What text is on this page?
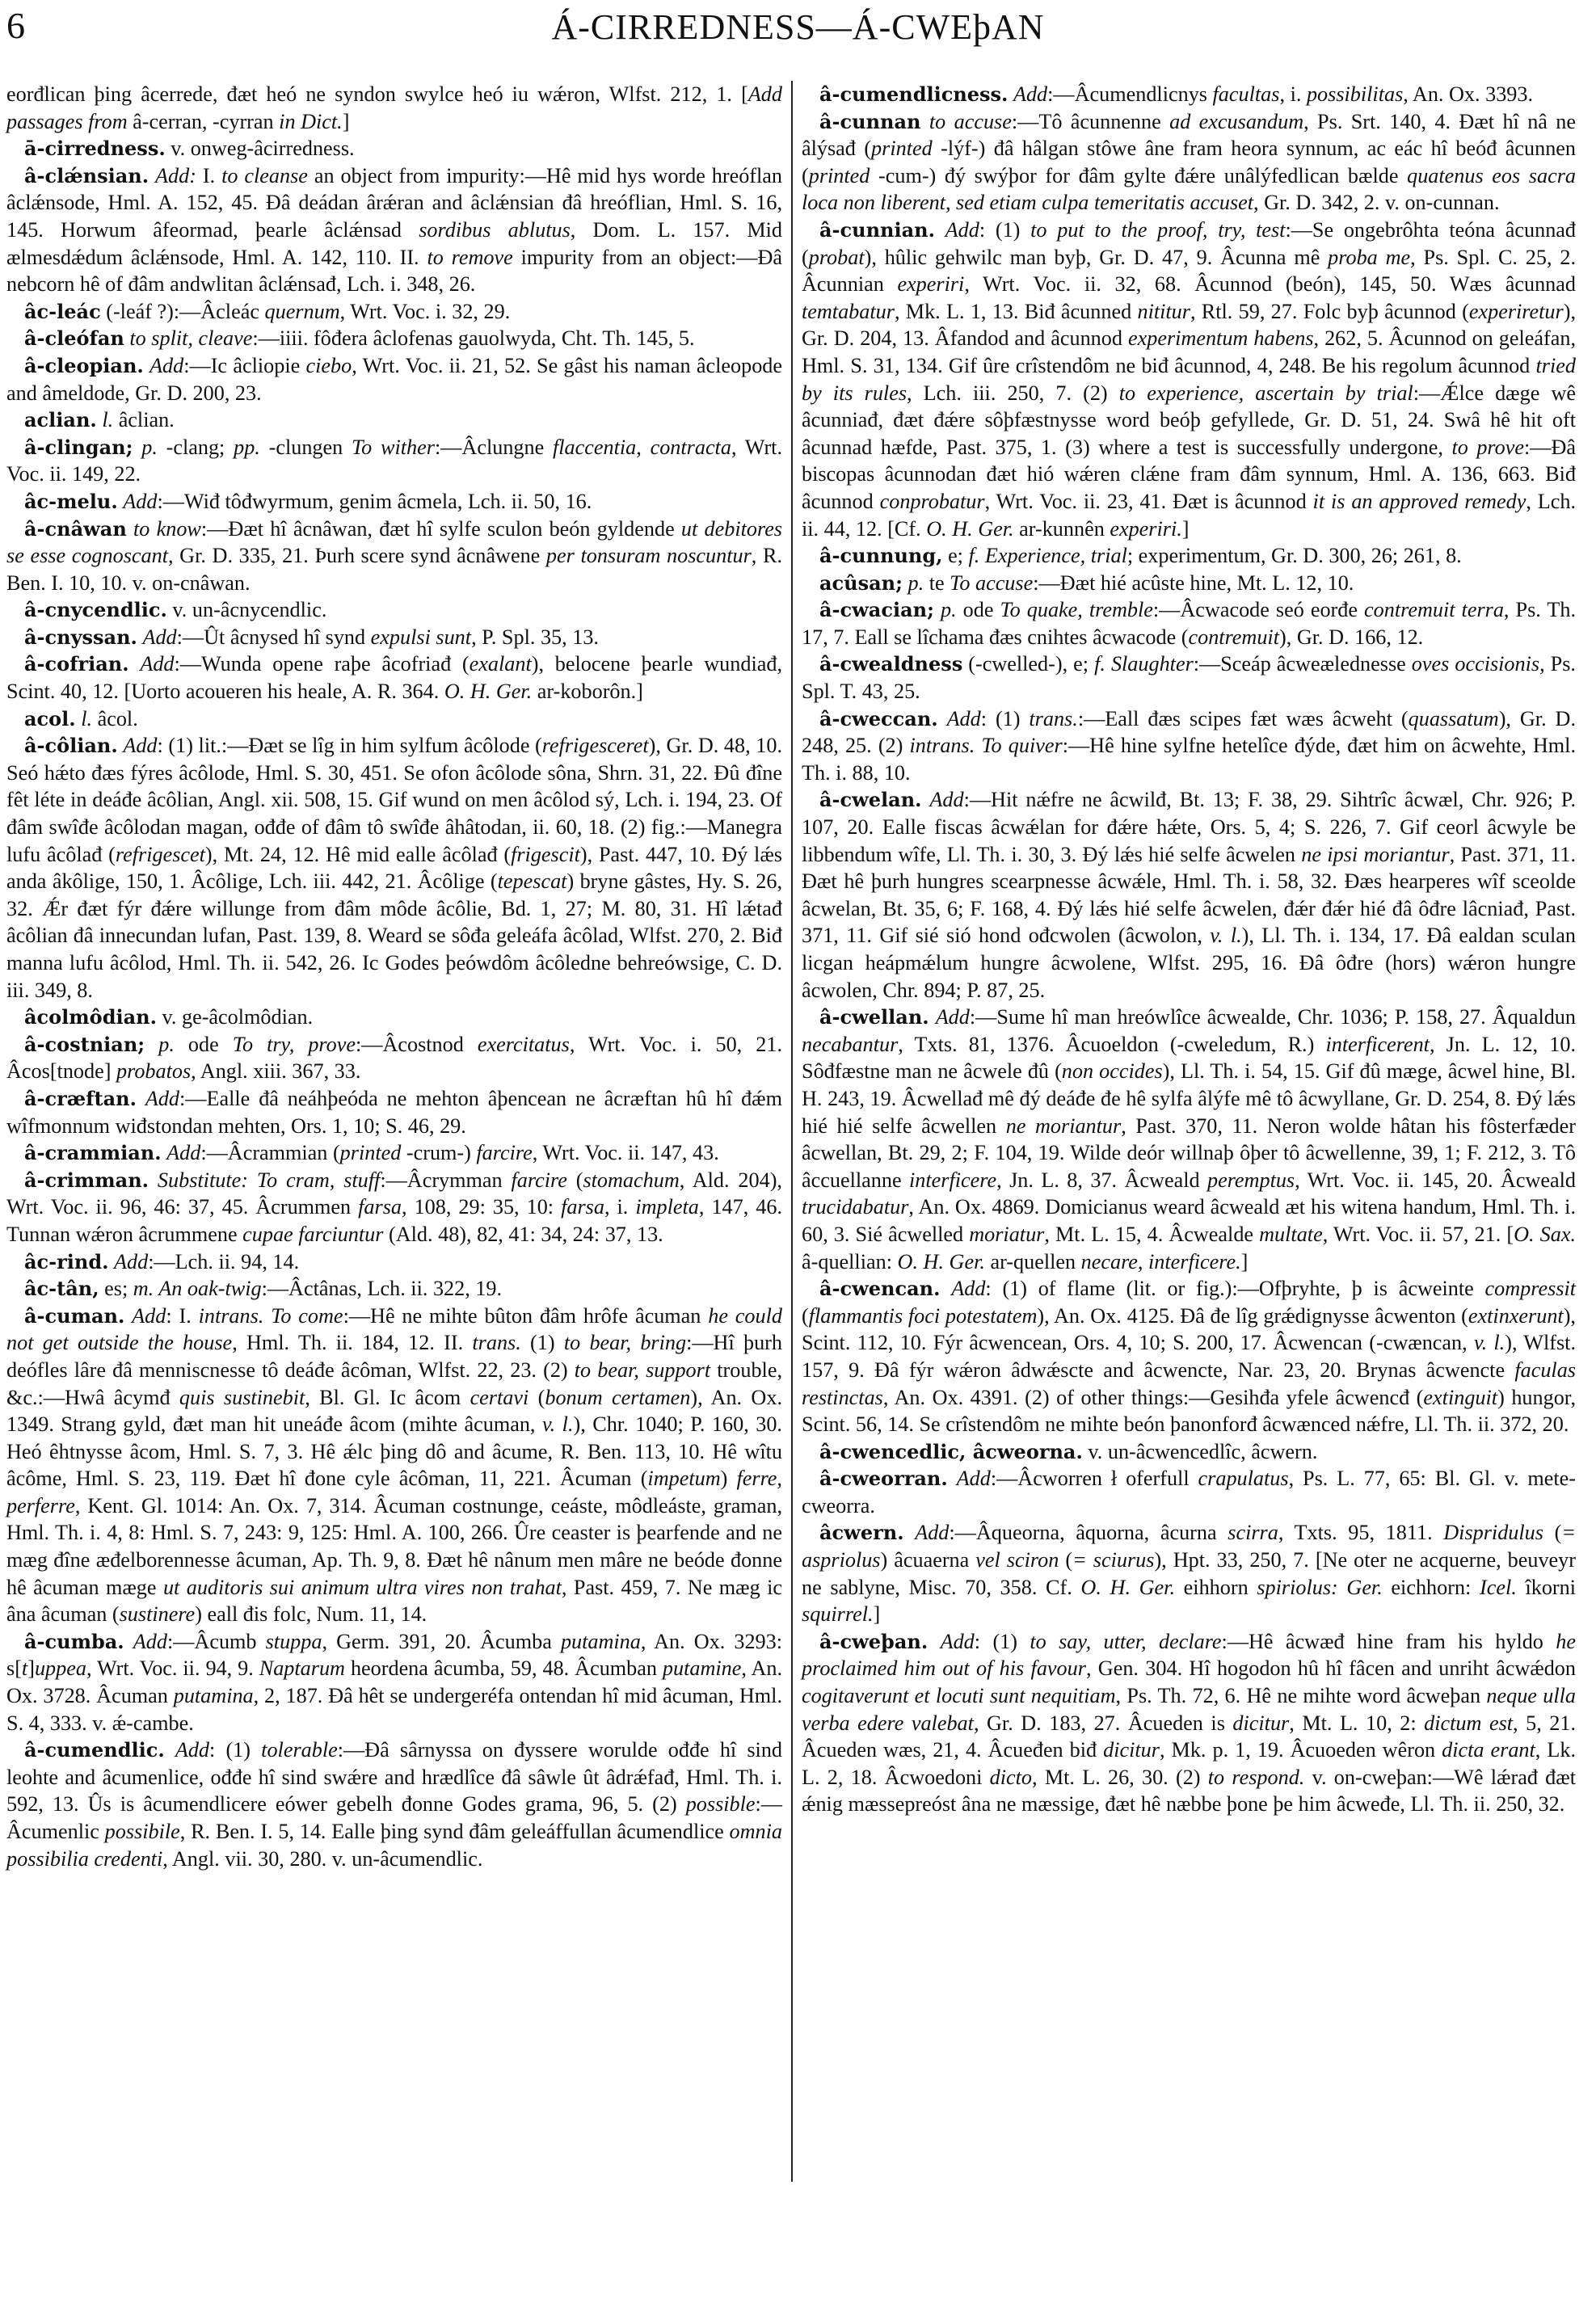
6	Á-CIRREDNESS—Á-CWEþAN

eorđlican þing âcerrede, đæt heó ne syndon swylce heó iu wǽron, Wlfst. 212, 1. [Add passages from â-cerran, -cyrran in Dict.]

ā-cirredness. v. onweg-âcirredness.

â-clǽnsian. Add: I. to cleanse an object from impurity:—Hê mid hys worde hreóflan âclǽnsode, Hml. A. 152, 45. Đâ deádan ârǽran and âclǽnsian đâ hreóflian, Hml. S. 16, 145. Horwum âfeormad, þearle âclǽnsad sordibus ablutus, Dom. L. 157. Mid ælmesdǽdum âclǽnsode, Hml. A. 142, 110. II. to remove impurity from an object:—Đâ nebcorn hê of đâm andwlitan âclǽnsađ, Lch. i. 348, 26.

âc-leác (-leáf ?):—Âcleác quernum, Wrt. Voc. i. 32, 29.

â-cleófan to split, cleave:—iiii. fôđera âclofenas gauolwyda, Cht. Th. 145, 5.

â-cleopian. Add:—Ic âcliopie ciebo, Wrt. Voc. ii. 21, 52. Se gâst his naman âcleopode and âmeldode, Gr. D. 200, 23.

aclian. l. âclian.

â-clingan; p. -clang; pp. -clungen To wither:—Âclungne flaccentia, contracta, Wrt. Voc. ii. 149, 22.

âc-melu. Add:—Wiđ tôđwyrmum, genim âcmela, Lch. ii. 50, 16.

â-cnâwan to know:—Đæt hî âcnâwan, đæt hî sylfe sculon beón gyldende ut debitores se esse cognoscant, Gr. D. 335, 21. Þurh scere synd âcnâwene per tonsuram noscuntur, R. Ben. I. 10, 10. v. on-cnâwan.

â-cnycendlic. v. un-âcnycendlic.

â-cnyssan. Add:—Ût âcnysed hî synd expulsi sunt, P. Spl. 35, 13.

â-cofrian. Add:—Wunda opene raþe âcofriađ (exalant), belocene þearle wundiađ, Scint. 40, 12. [Uorto acoueren his heale, A. R. 364. O. H. Ger. ar-koborôn.]

acol. l. âcol.

â-côlian. Add: (1) lit.:—Đæt se lîg in him sylfum âcôlode (refrigesceret), Gr. D. 48, 10. Seó hǽto đæs fýres âcôlode, Hml. S. 30, 451. Se ofon âcôlode sôna, Shrn. 31, 22. Đû đîne fêt léte in deáđe âcôlian, Angl. xii. 508, 15. Gif wund on men âcôlod sý, Lch. i. 194, 23. Of đâm swîđe âcôlodan magan, ođđe of đâm tô swîđe âhâtodan, ii. 60, 18. (2) fig.:—Manegra lufu âcôlađ (refrigescet), Mt. 24, 12. Hê mid ealle âcôlađ (frigescit), Past. 447, 10. Đý lǽs anda âkôlige, 150, 1. Âcôlige, Lch. iii. 442, 21. Âcôlige (tepescat) bryne gâstes, Hy. S. 26, 32. Ǽr đæt fýr đǽre willunge from đâm môde âcôlie, Bd. 1, 27; M. 80, 31. Hî lǽtađ âcôlian đâ innecundan lufan, Past. 139, 8. Weard se sôđa geleáfa âcôlad, Wlfst. 270, 2. Biđ manna lufu âcôlod, Hml. Th. ii. 542, 26. Ic Godes þeówdôm âcôledne behreówsige, C. D. iii. 349, 8.

âcolmôdian. v. ge-âcolmôdian.

â-costnian; p. ode To try, prove:—Âcostnod exercitatus, Wrt. Voc. i. 50, 21. Âcos[tnode] probatos, Angl. xiii. 367, 33.

â-cræftan. Add:—Ealle đâ neáhþeóda ne mehton âþencean ne âcræftan hû hî đǽm wîfmonnum wiđstondan mehten, Ors. 1, 10; S. 46, 29.

â-crammian. Add:—Âcrammian (printed -crum-) farcire, Wrt. Voc. ii. 147, 43.

â-crimman. Substitute: To cram, stuff:—Âcrymman farcire (stomachum, Ald. 204), Wrt. Voc. ii. 96, 46: 37, 45. Âcrummen farsa, 108, 29: 35, 10: farsa, i. impleta, 147, 46. Tunnan wǽron âcrummene cupae farciuntur (Ald. 48), 82, 41: 34, 24: 37, 13.

âc-rind. Add:—Lch. ii. 94, 14.

âc-tân, es; m. An oak-twig:—Âctânas, Lch. ii. 322, 19.

â-cuman. Add: I. intrans. To come:—Hê ne mihte bûton đâm hrôfe âcuman he could not get outside the house, Hml. Th. ii. 184, 12. II. trans. (1) to bear, bring:—Hî þurh deófles lâre đâ menniscnesse tô deáđe âcôman, Wlfst. 22, 23. (2) to bear, support trouble, &c.:—Hwâ âcymđ quis sustinebit, Bl. Gl. Ic âcom certavi (bonum certamen), An. Ox. 1349. Strang gyld, đæt man hit uneáđe âcom (mihte âcuman, v. l.), Chr. 1040; P. 160, 30. Heó êhtnysse âcom, Hml. S. 7, 3. Hê ǽlc þing dô and âcume, R. Ben. 113, 10. Hê wîtu âcôme, Hml. S. 23, 119. Đæt hî đone cyle âcôman, 11, 221. Âcuman (impetum) ferre, perferre, Kent. Gl. 1014: An. Ox. 7, 314. Âcuman costnunge, ceáste, môdleáste, graman, Hml. Th. i. 4, 8: Hml. S. 7, 243: 9, 125: Hml. A. 100, 266. Ûre ceaster is þearfende and ne mæg đîne æđelborennesse âcuman, Ap. Th. 9, 8. Đæt hê nânum men mâre ne beóde đonne hê âcuman mæge ut auditoris sui animum ultra vires non trahat, Past. 459, 7. Ne mæg ic âna âcuman (sustinere) eall đis folc, Num. 11, 14.

â-cumba. Add:—Âcumb stuppa, Germ. 391, 20. Âcumba putamina, An. Ox. 3293: s[t]uppea, Wrt. Voc. ii. 94, 9. Naptarum heordena âcumba, 59, 48. Âcumban putamine, An. Ox. 3728. Âcuman putamina, 2, 187. Đâ hêt se undergeréfa ontendan hî mid âcuman, Hml. S. 4, 333. v. ǽ-cambe.

â-cumendlic. Add: (1) tolerable:—Đâ sârnyssa on đyssere worulde ođđe hî sind leohte and âcumenlice, ođđe hî sind swǽre and hrædlîce đâ sâwle ût âdrǽfađ, Hml. Th. i. 592, 13. Ûs is âcumendlicere eówer gebelh đonne Godes grama, 96, 5. (2) possible:—Âcumenlic possibile, R. Ben. I. 5, 14. Ealle þing synd đâm geleáffullan âcumendlice omnia possibilia credenti, Angl. vii. 30, 280. v. un-âcumendlic.

â-cumendlicness. Add:—Âcumendlicnys facultas, i. possibilitas, An. Ox. 3393.

â-cunnan to accuse:—Tô âcunnenne ad excusandum, Ps. Srt. 140, 4. Đæt hî nâ ne âlýsađ (printed -lýf-) đâ hâlgan stôwe âne fram heora synnum, ac eác hî beóđ âcunnen (printed -cum-) đý swýþor for đâm gylte đǽre unâlýfedlican bælde quatenus eos sacra loca non liberent, sed etiam culpa temeritatis accuset, Gr. D. 342, 2. v. on-cunnan.

â-cunnian. Add: (1) to put to the proof, try, test:—Se ongebrôhta teóna âcunnađ (probat), hûlic gehwilc man byþ, Gr. D. 47, 9. Âcunna mê proba me, Ps. Spl. C. 25, 2. Âcunnian experiri, Wrt. Voc. ii. 32, 68. Âcunnod (beón), 145, 50. Wæs âcunnad temtabatur, Mk. L. 1, 13. Biđ âcunned nititur, Rtl. 59, 27. Folc byþ âcunnod (experiretur), Gr. D. 204, 13. Âfandod and âcunnod experimentum habens, 262, 5. Âcunnod on geleáfan, Hml. S. 31, 134. Gif ûre crîstendôm ne biđ âcunnod, 4, 248. Be his regolum âcunnod tried by its rules, Lch. iii. 250, 7. (2) to experience, ascertain by trial:—Ǽlce dæge wê âcunniađ, đæt đǽre sôþfæstnysse word beóþ gefyllede, Gr. D. 51, 24. Swâ hê hit oft âcunnad hæfde, Past. 375, 1. (3) where a test is successfully undergone, to prove:—Đâ biscopas âcunnodan đæt hió wǽren clǽne fram đâm synnum, Hml. A. 136, 663. Biđ âcunnod conprobatur, Wrt. Voc. ii. 23, 41. Đæt is âcunnod it is an approved remedy, Lch. ii. 44, 12. [Cf. O. H. Ger. ar-kunnên experiri.]

â-cunnung, e; f. Experience, trial; experimentum, Gr. D. 300, 26; 261, 8.

acûsan; p. te To accuse:—Đæt hié acûste hine, Mt. L. 12, 10.

â-cwacian; p. ode To quake, tremble:—Âcwacode seó eorđe contremuit terra, Ps. Th. 17, 7. Eall se lîchama đæs cnihtes âcwacode (contremuit), Gr. D. 166, 12.

â-cwealdness (-cwelled-), e; f. Slaughter:—Sceáp âcweælednesse oves occisionis, Ps. Spl. T. 43, 25.

â-cweccan. Add: (1) trans.:—Eall đæs scipes fæt wæs âcweht (quassatum), Gr. D. 248, 25. (2) intrans. To quiver:—Hê hine sylfne hetelîce đýde, đæt him on âcwehte, Hml. Th. i. 88, 10.

â-cwelan. Add:—Hit nǽfre ne âcwilđ, Bt. 13; F. 38, 29. Sihtrîc âcwæl, Chr. 926; P. 107, 20. Ealle fiscas âcwǽlan for đǽre hǽte, Ors. 5, 4; S. 226, 7. Gif ceorl âcwyle be libbendum wîfe, Ll. Th. i. 30, 3. Đý lǽs hié selfe âcwelen ne ipsi moriantur, Past. 371, 11. Đæt hê þurh hungres scearpnesse âcwǽle, Hml. Th. i. 58, 32. Đæs hearperes wîf sceolde âcwelan, Bt. 35, 6; F. 168, 4. Đý lǽs hié selfe âcwelen, đǽr đǽr hié đâ ôđre lâcniađ, Past. 371, 11. Gif sié sió hond ođcwolen (âcwolon, v. l.), Ll. Th. i. 134, 17. Đâ ealdan sculan licgan heápmǽlum hungre âcwolene, Wlfst. 295, 16. Đâ ôđre (hors) wǽron hungre âcwolen, Chr. 894; P. 87, 25.

â-cwellan. Add:—Sume hî man hreówlîce âcwealde, Chr. 1036; P. 158, 27. Âqualdun necabantur, Txts. 81, 1376. Âcuoeldon (-cweledum, R.) interficerent, Jn. L. 12, 10. Sôđfæstne man ne âcwele đû (non occides), Ll. Th. i. 54, 15. Gif đû mæge, âcwel hine, Bl. H. 243, 19. Âcwellađ mê đý deáđe đe hê sylfa âlýfe mê tô âcwyllane, Gr. D. 254, 8. Đý lǽs hié hié selfe âcwellen ne moriantur, Past. 370, 11. Neron wolde hâtan his fôsterfæder âcwellan, Bt. 29, 2; F. 104, 19. Wilde deór willnaþ ôþer tô âcwellenne, 39, 1; F. 212, 3. Tô âccuellanne interficere, Jn. L. 8, 37. Âcweald peremptus, Wrt. Voc. ii. 145, 20. Âcweald trucidabatur, An. Ox. 4869. Domicianus weard âcweald æt his witena handum, Hml. Th. i. 60, 3. Sié âcwelled moriatur, Mt. L. 15, 4. Âcwealde multate, Wrt. Voc. ii. 57, 21. [O. Sax. â-quellian: O. H. Ger. ar-quellen necare, interficere.]

â-cwencan. Add: (1) of flame (lit. or fig.):—Ofþryhte, þ is âcweinte compressit (flammantis foci potestatem), An. Ox. 4125. Đâ đe lîg grǽdignysse âcwenton (extinxerunt), Scint. 112, 10. Fýr âcwencean, Ors. 4, 10; S. 200, 17. Âcwencan (-cwæncan, v. l.), Wlfst. 157, 9. Đâ fýr wǽron âdwǽscte and âcwencte, Nar. 23, 20. Brynas âcwencte faculas restinctas, An. Ox. 4391. (2) of other things:—Gesihđa yfele âcwencđ (extinguit) hungor, Scint. 56, 14. Se crîstendôm ne mihte beón þanonforđ âcwænced nǽfre, Ll. Th. ii. 372, 20.

â-cwencedlic, âcweorna. v. un-âcwencedlîc, âcwern.

â-cweorran. Add:—Âcworren ł oferfull crapulatus, Ps. L. 77, 65: Bl. Gl. v. mete-cweorra.

âcwern. Add:—Âqueorna, âquorna, âcurna scirra, Txts. 95, 1811. Dispridulus (= aspriolus) âcuaerna vel sciron (= sciurus), Hpt. 33, 250, 7. [Ne oter ne acquerne, beuveyr ne sablyne, Misc. 70, 358. Cf. O. H. Ger. eihhorn spiriolus: Ger. eichhorn: Icel. îkorni squirrel.]

â-cweþan. Add: (1) to say, utter, declare:—Hê âcwæđ hine fram his hyldo he proclaimed him out of his favour, Gen. 304. Hî hogodon hû hî fâcen and unriht âcwǽdon cogitaverunt et locuti sunt nequitiam, Ps. Th. 72, 6. Hê ne mihte word âcweþan neque ulla verba edere valebat, Gr. D. 183, 27. Âcueden is dicitur, Mt. L. 10, 2: dictum est, 5, 21. Âcueden wæs, 21, 4. Âcueđen biđ dicitur, Mk. p. 1, 19. Âcuoeden wêron dicta erant, Lk. L. 2, 18. Âcwoedoni dicto, Mt. L. 26, 30. (2) to respond. v. on-cweþan:—Wê lǽrađ đæt ǽnig mæssepreóst âna ne mæssige, đæt hê næbbe þone þe him âcweđe, Ll. Th. ii. 250, 32.
